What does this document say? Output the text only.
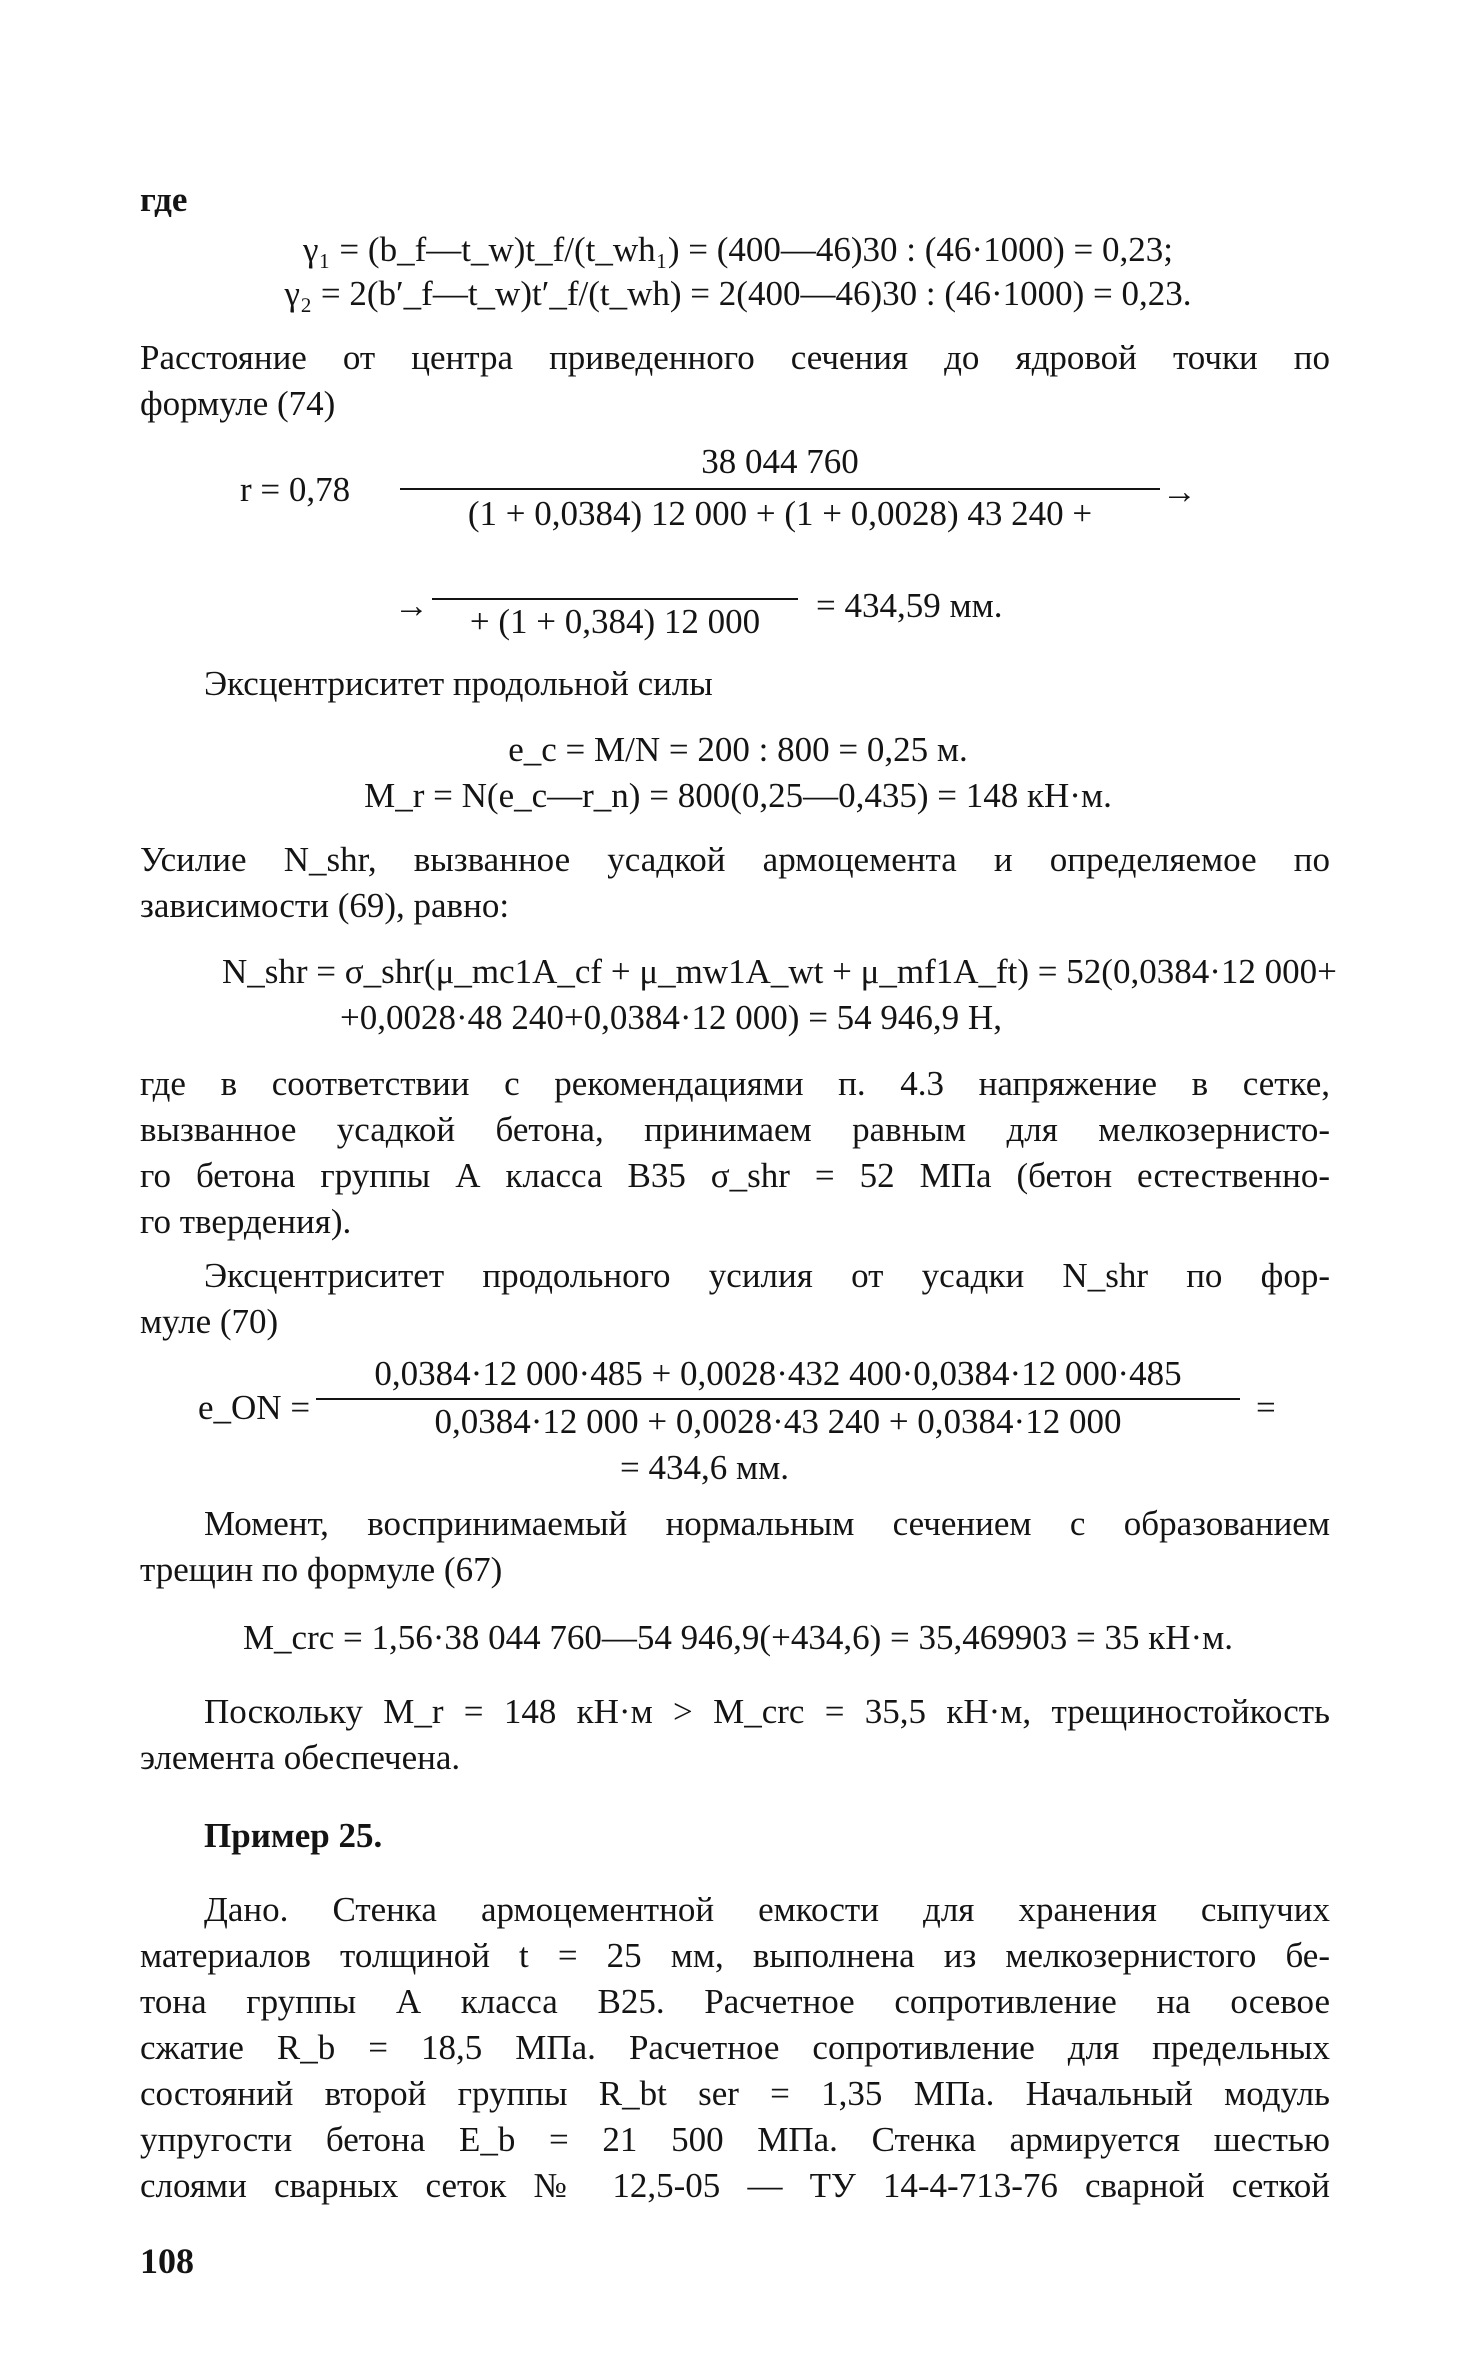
где
γ₁ = (b_f—t_w)t_f/(t_wh₁) = (400—46)30 : (46·1000) = 0,23;
γ₂ = 2(b′_f—t_w)t′_f/(t_wh) = 2(400—46)30 : (46·1000) = 0,23.
Расстояние от центра приведенного сечения до ядровой точки по
формуле (74)
r = 0,78
38 044 760
(1 + 0,0384) 12 000 + (1 + 0,0028) 43 240 +
→
→	+ (1 + 0,384) 12 000	= 434,59 мм.
Эксцентриситет продольной силы
e_c = M/N = 200 : 800 = 0,25 м.
M_r = N(e_c—r_n) = 800(0,25—0,435) = 148 кН·м.
Усилие N_shr, вызванное усадкой армоцемента и определяемое по
зависимости (69), равно:
N_shr = σ_shr(μ_mc1A_cf + μ_mw1A_wt + μ_mf1A_ft) = 52(0,0384·12 000+
+0,0028·48 240+0,0384·12 000) = 54 946,9 Н,
где в соответствии с рекомендациями п. 4.3 напряжение в сетке,
вызванное усадкой бетона, принимаем равным для мелкозернисто-
го бетона группы А класса В35 σ_shr = 52 МПа (бетон естественно-
го твердения).
Эксцентриситет продольного усилия от усадки N_shr по фор-
муле (70)
e_ON =
0,0384·12 000·485 + 0,0028·432 400·0,0384·12 000·485
0,0384·12 000 + 0,0028·43 240 + 0,0384·12 000	=
= 434,6 мм.
Момент, воспринимаемый нормальным сечением с образованием
трещин по формуле (67)
M_crc = 1,56·38 044 760—54 946,9(+434,6) = 35,469903 = 35 кН·м.
Поскольку M_r = 148 кН·м > M_crc = 35,5 кН·м, трещиностойкость
элемента обеспечена.
Пример 25.
Дано. Стенка армоцементной емкости для хранения сыпучих
материалов толщиной t = 25 мм, выполнена из мелкозернистого бе-
тона группы А класса В25. Расчетное сопротивление на осевое
сжатие R_b = 18,5 МПа. Расчетное сопротивление для предельных
состояний второй группы R_bt ser = 1,35 МПа. Начальный модуль
упругости бетона E_b = 21 500 МПа. Стенка армируется шестью
слоями сварных сеток № 12,5-05 — ТУ 14-4-713-76 сварной сеткой
108
